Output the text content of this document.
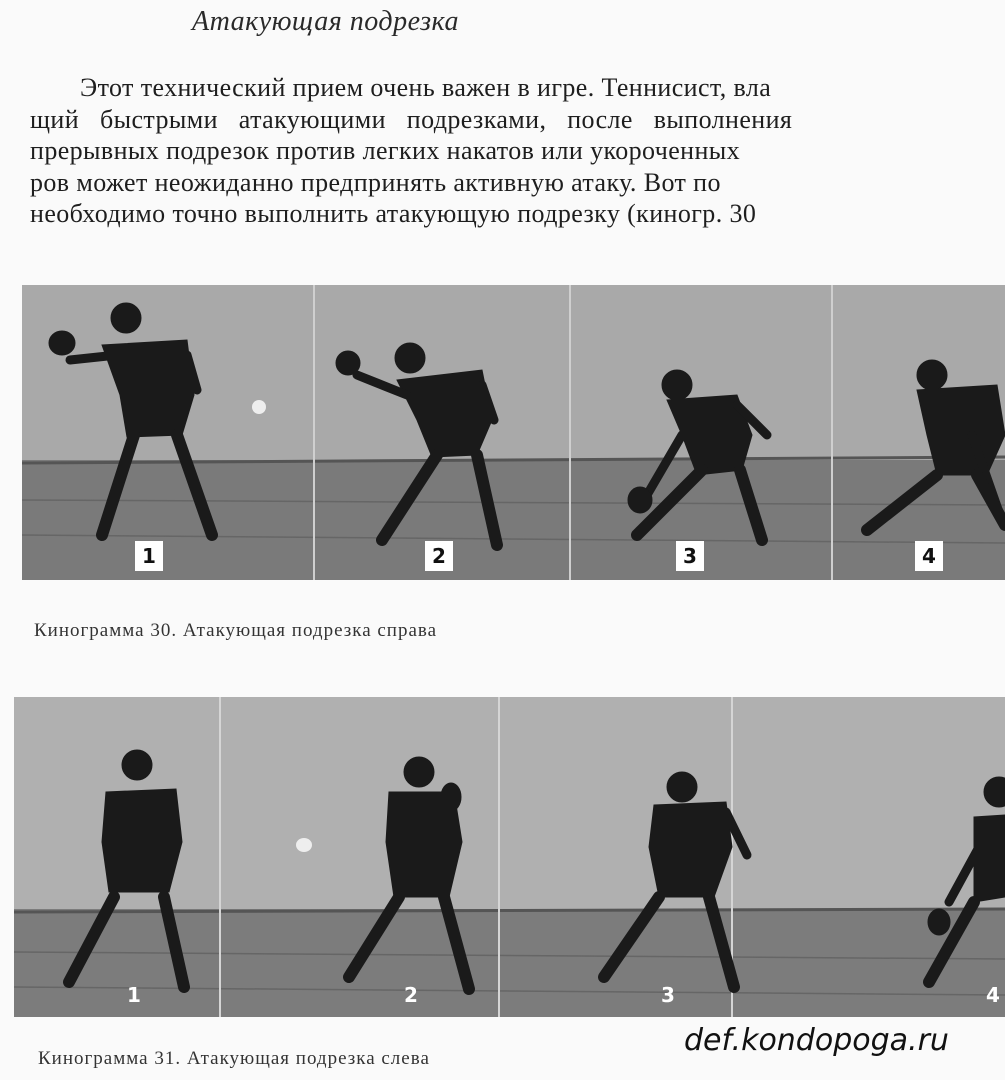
Атакующая подрезка
Этот технический прием очень важен в игре. Теннисист, вла
щий быстрыми атакующими подрезками, после выполнения
прерывных подрезок против легких накатов или укороченных
ров может неожиданно предпринять активную атаку. Вот по
необходимо точно выполнить атакующую подрезку (киногр. 30
1	2	3	4
Кинограмма 30. Атакующая подрезка справа
1	2	3	4
def.kondopoga.ru
Кинограмма 31. Атакующая подрезка слева
